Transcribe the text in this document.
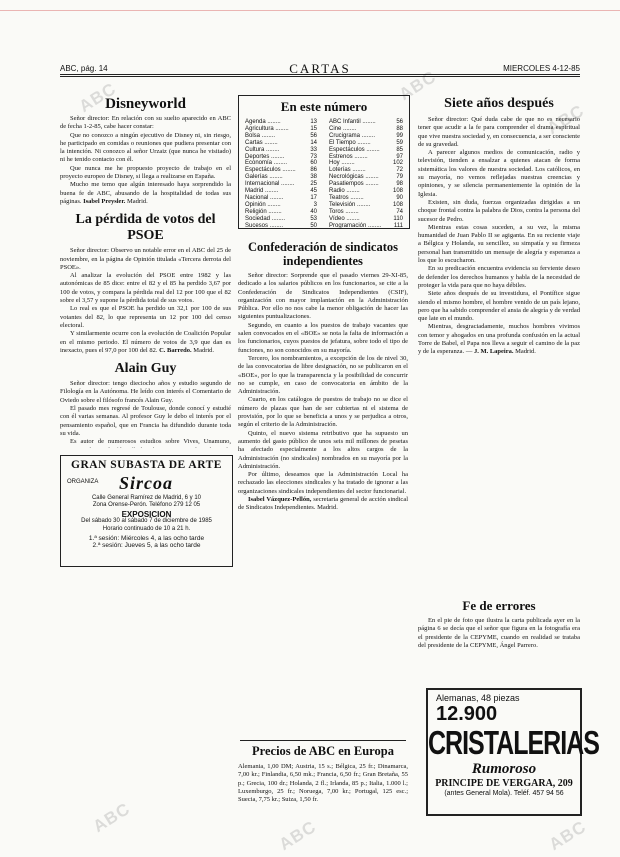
ABC, pág. 14	CARTAS	MIERCOLES 4-12-85

Disneyworld

Señor director: En relación con su suelto aparecido en ABC de fecha 1-2-85, cabe hacer constar:

Que no conozco a ningún ejecutivo de Disney ni, sin riesgo, he participado en comidas o reuniones que pudiera presentar con la intención. Ni conozco al señor Urzaiz (que nunca he visitado) ni he tenido contacto con él.

Que nunca me he propuesto proyecto de trabajo en el proyecto europeo de Disney, si llega a realizarse en España.

Mucho me temo que algún interesado haya sorprendido la buena fe de ABC, abusando de la hospitalidad de todas sus páginas. Isabel Preysler. Madrid.

La pérdida de votos del PSOE

Señor director: Observo un notable error en el ABC del 25 de noviembre, en la página de Opinión titulada «Tercera derrota del PSOE».

Al analizar la evolución del PSOE entre 1982 y las autonómicas de 85 dice: entre el 82 y el 85 ha perdido 3,67 por 100 de votos, y compara la pérdida real del 12 por 100 que el 82 sobre el 3,57 y supone la pérdida total de sus votos.

Lo real es que el PSOE ha perdido un 32,1 por 100 de sus votantes del 82, lo que representa un 12 por 100 del censo electoral.

Y similarmente ocurre con la evolución de Coalición Popular en el mismo periodo. El número de votos de 3,9 que dan es inexacto, pues el 97,0 por 100 del 82. C. Barredo. Madrid.

Alain Guy

Señor director: tengo dieciocho años y estudio segundo de Filología en la Autónoma. He leído con interés el Comentario de Oviedo sobre el filósofo francés Alain Guy.

El pasado mes regresé de Toulouse, donde conocí y estudié con él varias semanas. Al profesor Guy le debo el interés por el pensamiento español, que en Francia ha difundido durante toda su vida.

Es autor de numerosos estudios sobre Vives, Unamuno,

GRAN SUBASTA DE ARTE
ORGANIZA Sircoa
Calle General Ramírez de Madrid, 6 y 10
Zona Orense-Perón. Teléfono 279 12 05
EXPOSICION
Del sábado 30 al sábado 7 de diciembre de 1985
Horario continuado de 10 a 21 h.
1.ª sesión: Miércoles 4, a las ocho tarde
2.ª sesión: Jueves 5, a las ocho tarde
En este número
Agenda ........	13
Agricultura ........	15
Bolsa ........	56
Cartas ........	14
Cultura ........	33
Deportes ........	73
Economía ........	60
Espectáculos ........ 86
Galerías ........	38
Internacional ........	25
Madrid ........	45
Nacional ........	17
Opinión ........	3
Religión ........	40
Sociedad ........	53
Sucesos ........	50
ABC Infantil ........	56
Cine ........	88
Crucigrama ........	99
El Tiempo ........	59
Espectáculos ........	85
Estrenos ........	97
Hoy ........	102
Loterías ........	72
Necrológicas ........	79
Pasatiempos ........	98
Radio ........	108
Teatros ........	90
Televisión ........	108
Toros ........	74
Vídeo ........	110
Programación ........ 111

Confederación de sindicatos independientes

Señor director: Sorprende que el pasado viernes 29-XI-85, dedicado a los salarios públicos en los funcionarios, se cite a la Confederación de Sindicatos Independientes (CSIF), organización con mayor implantación en la Administración Pública. Por ello no nos cabe la menor obligación de hacer las siguientes puntualizaciones.

Segundo, en cuanto a los puestos de trabajo vacantes que salen convocados en el «BOE» se nota la falta de información a los funcionarios, cuyos puestos de jefatura, sobre todo el tipo de funciones, no son conocidos en su mayoría.

Tercero, los nombramientos, a excepción de los de nivel 30, de las convocatorias de libre designación, no se publicaron en el «BOE», por lo que la transparencia y la posibilidad de concurrir no se cumple, en caso de convocatoria en ámbito de la Administración.

Cuarto, en los catálogos de puestos de trabajo no se dice el número de plazas que han de ser cubiertas ni el sistema de provisión, por lo que se beneficia a unos y se perjudica a otros, según el criterio de la Administración.

Quinto, el nuevo sistema retributivo que ha supuesto un aumento del gasto público de unos seis mil millones de pesetas ha afectado especialmente a los altos cargos de la Administración (no sindicales) nombrados en su mayoría por la Administración.

Por último, deseamos que la Administración Local ha rechazado las elecciones sindicales y ha tratado de ignorar a las organizaciones sindicales independientes del sector funcionarial.

Isabel Vázquez-Pellón, secretaria general de acción sindical de Sindicatos Independientes. Madrid.

Precios de ABC en Europa

Alemania, 1,00 DM; Austria, 15 s.; Bélgica, 25 fr.; Dinamarca, 7,00 kr.; Finlandia, 6,50 mk.; Francia, 6,50 fr.; Gran Bretaña, 55 p.; Grecia, 100 dr.; Holanda, 2 fl.; Irlanda, 85 p.; Italia, 1.000 l.; Luxemburgo, 25 fr.; Noruega, 7,00 kr.; Portugal, 125 esc.; Suecia, 7,75 kr.; Suiza, 1,50 fr.

Siete años después

Señor director: Qué duda cabe de que no es necesario tener que acudir a la fe para comprender el drama espiritual que vive nuestra sociedad y, en consecuencia, a ser consciente de su gravedad.

A parecer algunos medios de comunicación, radio y televisión, tienden a ensalzar a quienes atacan de forma sistemática los valores de nuestra sociedad. Los católicos, en su mayoría, no vemos reflejadas nuestras creencias y opiniones, y se silencia permanentemente la opinión de la Iglesia.

Existen, sin duda, fuerzas organizadas dirigidas a un choque frontal contra la palabra de Dios, contra la persona del sucesor de Pedro.

Mientras estas cosas suceden, a su vez, la misma humanidad de Juan Pablo II se agiganta. En su reciente viaje a Bélgica y Holanda, su sencillez, su simpatía y su firmeza personal han transmitido un mensaje de alegría y esperanza a los que lo escucharon.

En su predicación encuentra evidencia su ferviente deseo de defender los derechos humanos y habla de la necesidad de proteger la vida para que no haya débiles.

Siete años después de su investidura, el Pontífice sigue siendo el mismo hombre, el hombre venido de un país lejano, pero que ha sabido comprender el ansia de alegría y de verdad que late en el mundo.

Mientras, desgraciadamente, muchos hombres vivimos con temor y ahogados en una profunda confusión en la actual Torre de Babel, el Papa nos lleva a seguir el camino de la paz y de la esperanza. — J. M. Lapeira. Madrid.

Fe de errores

En el pie de foto que ilustra la carta publicada ayer en la página 6 se decía que el señor que figura en la fotografía era el presidente de la CEPYME, cuando en realidad se trataba del presidente de la CEPYME, Ángel Parrero.

Alemanas, 48 piezas
12.900
CRISTALERIAS
Rumoroso
PRINCIPE DE VERGARA, 209
(antes General Mola). Teléf. 457 94 56
ABC	ABC
ABC	ABC	ABC
ABC
